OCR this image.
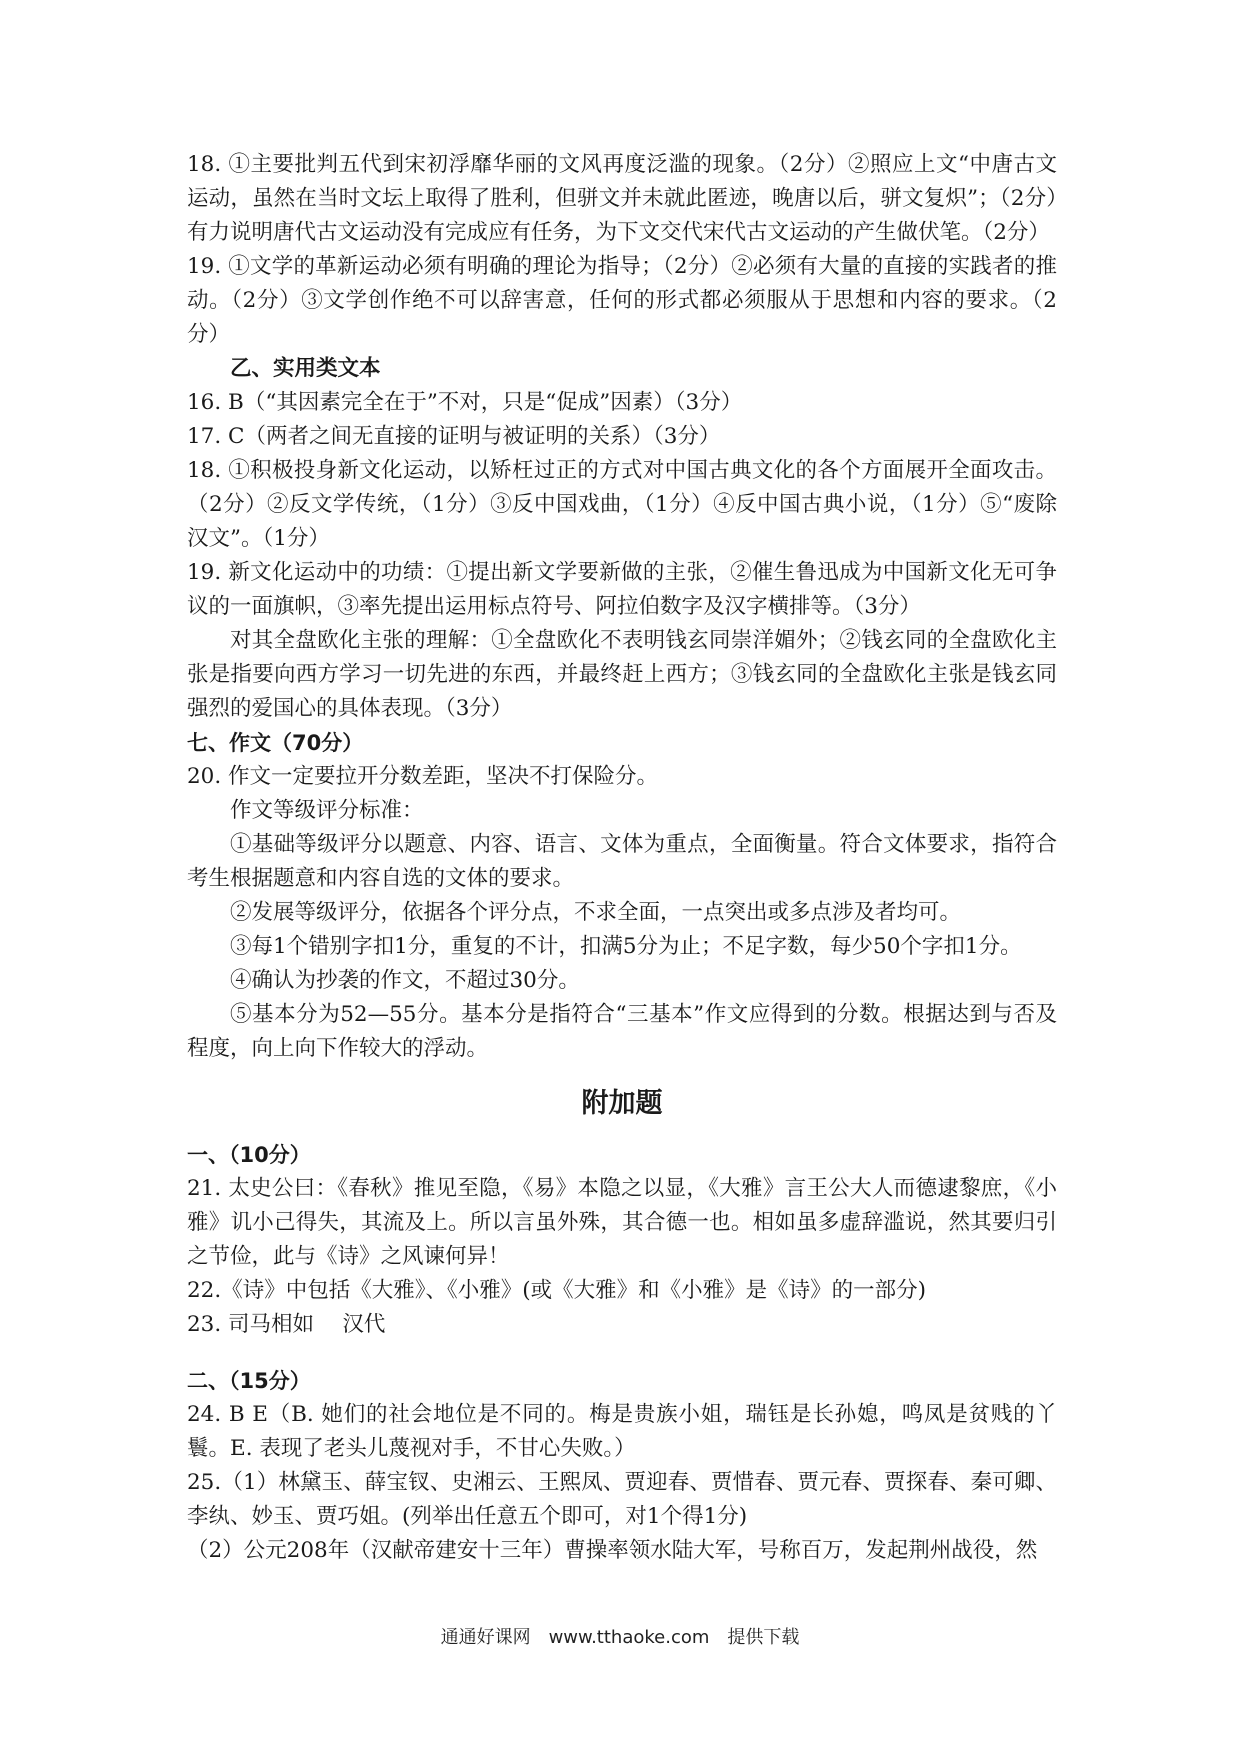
18. ①主要批判五代到宋初浮靡华丽的文风再度泛滥的现象。（2分）②照应上文“中唐古文运动，虽然在当时文坛上取得了胜利，但骈文并未就此匿迹，晚唐以后，骈文复炽”；（2分）有力说明唐代古文运动没有完成应有任务，为下文交代宋代古文运动的产生做伏笔。（2分）

19. ①文学的革新运动必须有明确的理论为指导；（2分）②必须有大量的直接的实践者的推动。（2分）③文学创作绝不可以辞害意，任何的形式都必须服从于思想和内容的要求。（2分）

乙、实用类文本

16. B（“其因素完全在于”不对，只是“促成”因素）（3分）

17. C（两者之间无直接的证明与被证明的关系）（3分）

18. ①积极投身新文化运动，以矫枉过正的方式对中国古典文化的各个方面展开全面攻击。（2分）②反文学传统，（1分）③反中国戏曲，（1分）④反中国古典小说，（1分）⑤“废除汉文”。（1分）

19. 新文化运动中的功绩：①提出新文学要新做的主张，②催生鲁迅成为中国新文化无可争议的一面旗帜，③率先提出运用标点符号、阿拉伯数字及汉字横排等。（3分）

对其全盘欧化主张的理解：①全盘欧化不表明钱玄同崇洋媚外；②钱玄同的全盘欧化主张是指要向西方学习一切先进的东西，并最终赶上西方；③钱玄同的全盘欧化主张是钱玄同强烈的爱国心的具体表现。（3分）

七、作文（70分）

20. 作文一定要拉开分数差距，坚决不打保险分。

作文等级评分标准：

①基础等级评分以题意、内容、语言、文体为重点，全面衡量。符合文体要求，指符合考生根据题意和内容自选的文体的要求。

②发展等级评分，依据各个评分点，不求全面，一点突出或多点涉及者均可。

③每1个错别字扣1分，重复的不计，扣满5分为止；不足字数，每少50个字扣1分。

④确认为抄袭的作文，不超过30分。

⑤基本分为52—55分。基本分是指符合“三基本”作文应得到的分数。根据达到与否及程度，向上向下作较大的浮动。

附加题

一、（10分）

21. 太史公曰：《春秋》推见至隐，《易》本隐之以显，《大雅》言王公大人而德逮黎庶，《小雅》讥小己得失，其流及上。所以言虽外殊，其合德一也。相如虽多虚辞滥说，然其要归引之节俭，此与《诗》之风谏何异！

22.《诗》中包括《大雅》、《小雅》(或《大雅》和《小雅》是《诗》的一部分)

23. 司马相如　 汉代

二、（15分）

24. B E（B. 她们的社会地位是不同的。梅是贵族小姐，瑞钰是长孙媳，鸣凤是贫贱的丫鬟。E. 表现了老头儿蔑视对手，不甘心失败。）

25.（1）林黛玉、薛宝钗、史湘云、王熙凤、贾迎春、贾惜春、贾元春、贾探春、秦可卿、李纨、妙玉、贾巧姐。(列举出任意五个即可，对1个得1分)

（2）公元208年（汉献帝建安十三年）曹操率领水陆大军，号称百万，发起荆州战役，然

通通好课网　www.tthaoke.com　提供下载
